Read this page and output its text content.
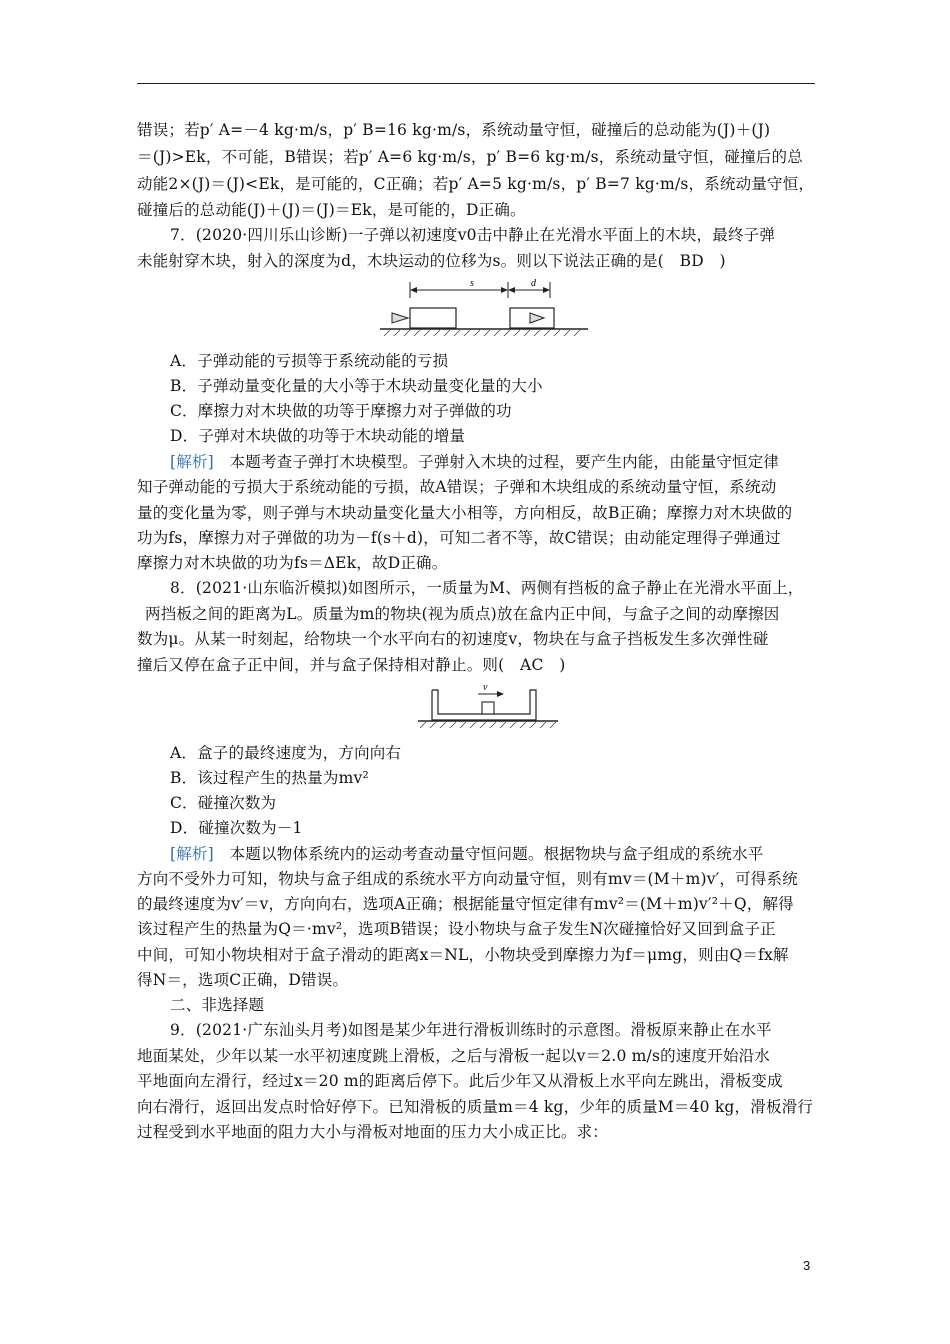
错误；若p′ A=－4 kg·m/s，p′ B=16 kg·m/s，系统动量守恒，碰撞后的总动能为(J)＋(J)
＝(J)>Ek，不可能，B错误；若p′ A=6 kg·m/s，p′ B=6 kg·m/s，系统动量守恒，碰撞后的总
动能2×(J)＝(J)<Ek，是可能的，C正确；若p′ A=5 kg·m/s，p′ B=7 kg·m/s，系统动量守恒，
碰撞后的总动能(J)＋(J)＝(J)＝Ek，是可能的，D正确。
7．(2020·四川乐山诊断)一子弹以初速度v0击中静止在光滑水平面上的木块，最终子弹
未能射穿木块，射入的深度为d，木块运动的位移为s。则以下说法正确的是(　BD　)
s	d
A．子弹动能的亏损等于系统动能的亏损
B．子弹动量变化量的大小等于木块动量变化量的大小
C．摩擦力对木块做的功等于摩擦力对子弹做的功
D．子弹对木块做的功等于木块动能的增量
[解析]　 本题考查子弹打木块模型。子弹射入木块的过程，要产生内能，由能量守恒定律
知子弹动能的亏损大于系统动能的亏损，故A错误；子弹和木块组成的系统动量守恒，系统动
量的变化量为零，则子弹与木块动量变化量大小相等，方向相反，故B正确；摩擦力对木块做的
功为fs，摩擦力对子弹做的功为－f(s＋d)，可知二者不等，故C错误；由动能定理得子弹通过
摩擦力对木块做的功为fs＝ΔEk，故D正确。
8．(2021·山东临沂模拟)如图所示，一质量为M、两侧有挡板的盒子静止在光滑水平面上，
两挡板之间的距离为L。质量为m的物块(视为质点)放在盒内正中间，与盒子之间的动摩擦因
数为μ。从某一时刻起，给物块一个水平向右的初速度v，物块在与盒子挡板发生多次弹性碰
撞后又停在盒子正中间，并与盒子保持相对静止。则(　AC　)
v
A．盒子的最终速度为，方向向右
B．该过程产生的热量为mv²
C．碰撞次数为
D．碰撞次数为－1
[解析]　 本题以物体系统内的运动考查动量守恒问题。根据物块与盒子组成的系统水平
方向不受外力可知，物块与盒子组成的系统水平方向动量守恒，则有mv＝(M＋m)v′，可得系统
的最终速度为v′＝v，方向向右，选项A正确；根据能量守恒定律有mv²＝(M＋m)v′²＋Q，解得
该过程产生的热量为Q＝·mv²，选项B错误；设小物块与盒子发生N次碰撞恰好又回到盒子正
中间，可知小物块相对于盒子滑动的距离x＝NL，小物块受到摩擦力为f＝μmg，则由Q＝fx解
得N＝，选项C正确，D错误。
二、非选择题
9．(2021·广东汕头月考)如图是某少年进行滑板训练时的示意图。滑板原来静止在水平
地面某处，少年以某一水平初速度跳上滑板，之后与滑板一起以v＝2.0 m/s的速度开始沿水
平地面向左滑行，经过x＝20 m的距离后停下。此后少年又从滑板上水平向左跳出，滑板变成
向右滑行，返回出发点时恰好停下。已知滑板的质量m＝4 kg，少年的质量M＝40 kg，滑板滑行
过程受到水平地面的阻力大小与滑板对地面的压力大小成正比。求：
3
